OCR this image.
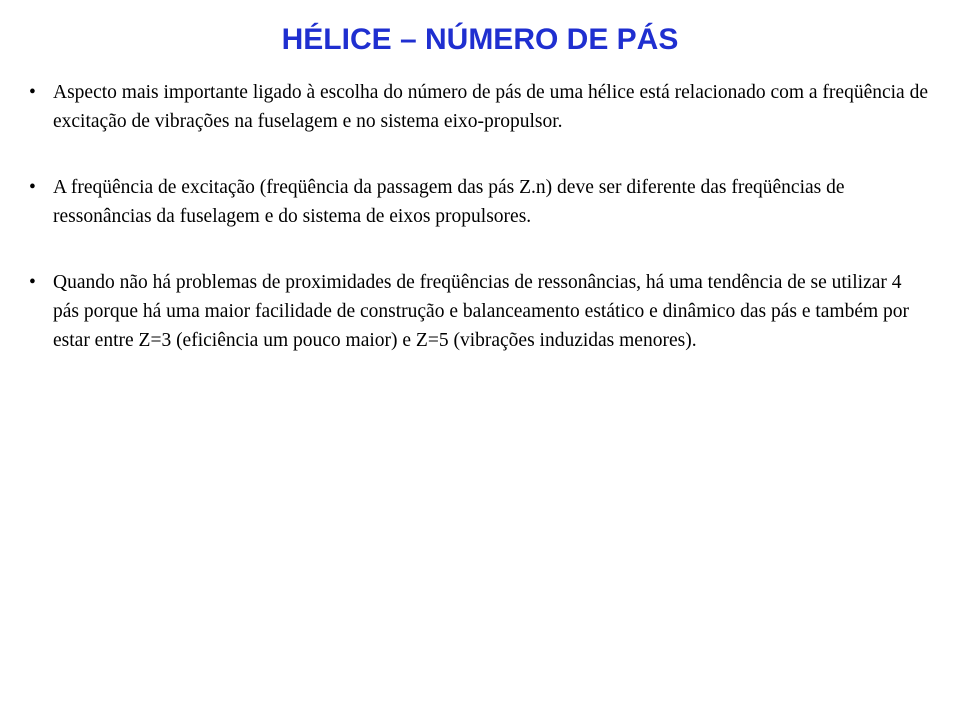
HÉLICE – NÚMERO DE PÁS
• Aspecto mais importante ligado à escolha do número de pás de uma hélice está relacionado com a freqüência de excitação de vibrações na fuselagem e no sistema eixo-propulsor.
• A freqüência de excitação (freqüência da passagem das pás Z.n) deve ser diferente das freqüências de ressonâncias da fuselagem e do sistema de eixos propulsores.
• Quando não há problemas de proximidades de freqüências de ressonâncias, há uma tendência de se utilizar 4 pás porque há uma maior facilidade de construção e balanceamento estático e dinâmico das pás e também por estar entre Z=3 (eficiência um pouco maior) e Z=5 (vibrações induzidas menores).
